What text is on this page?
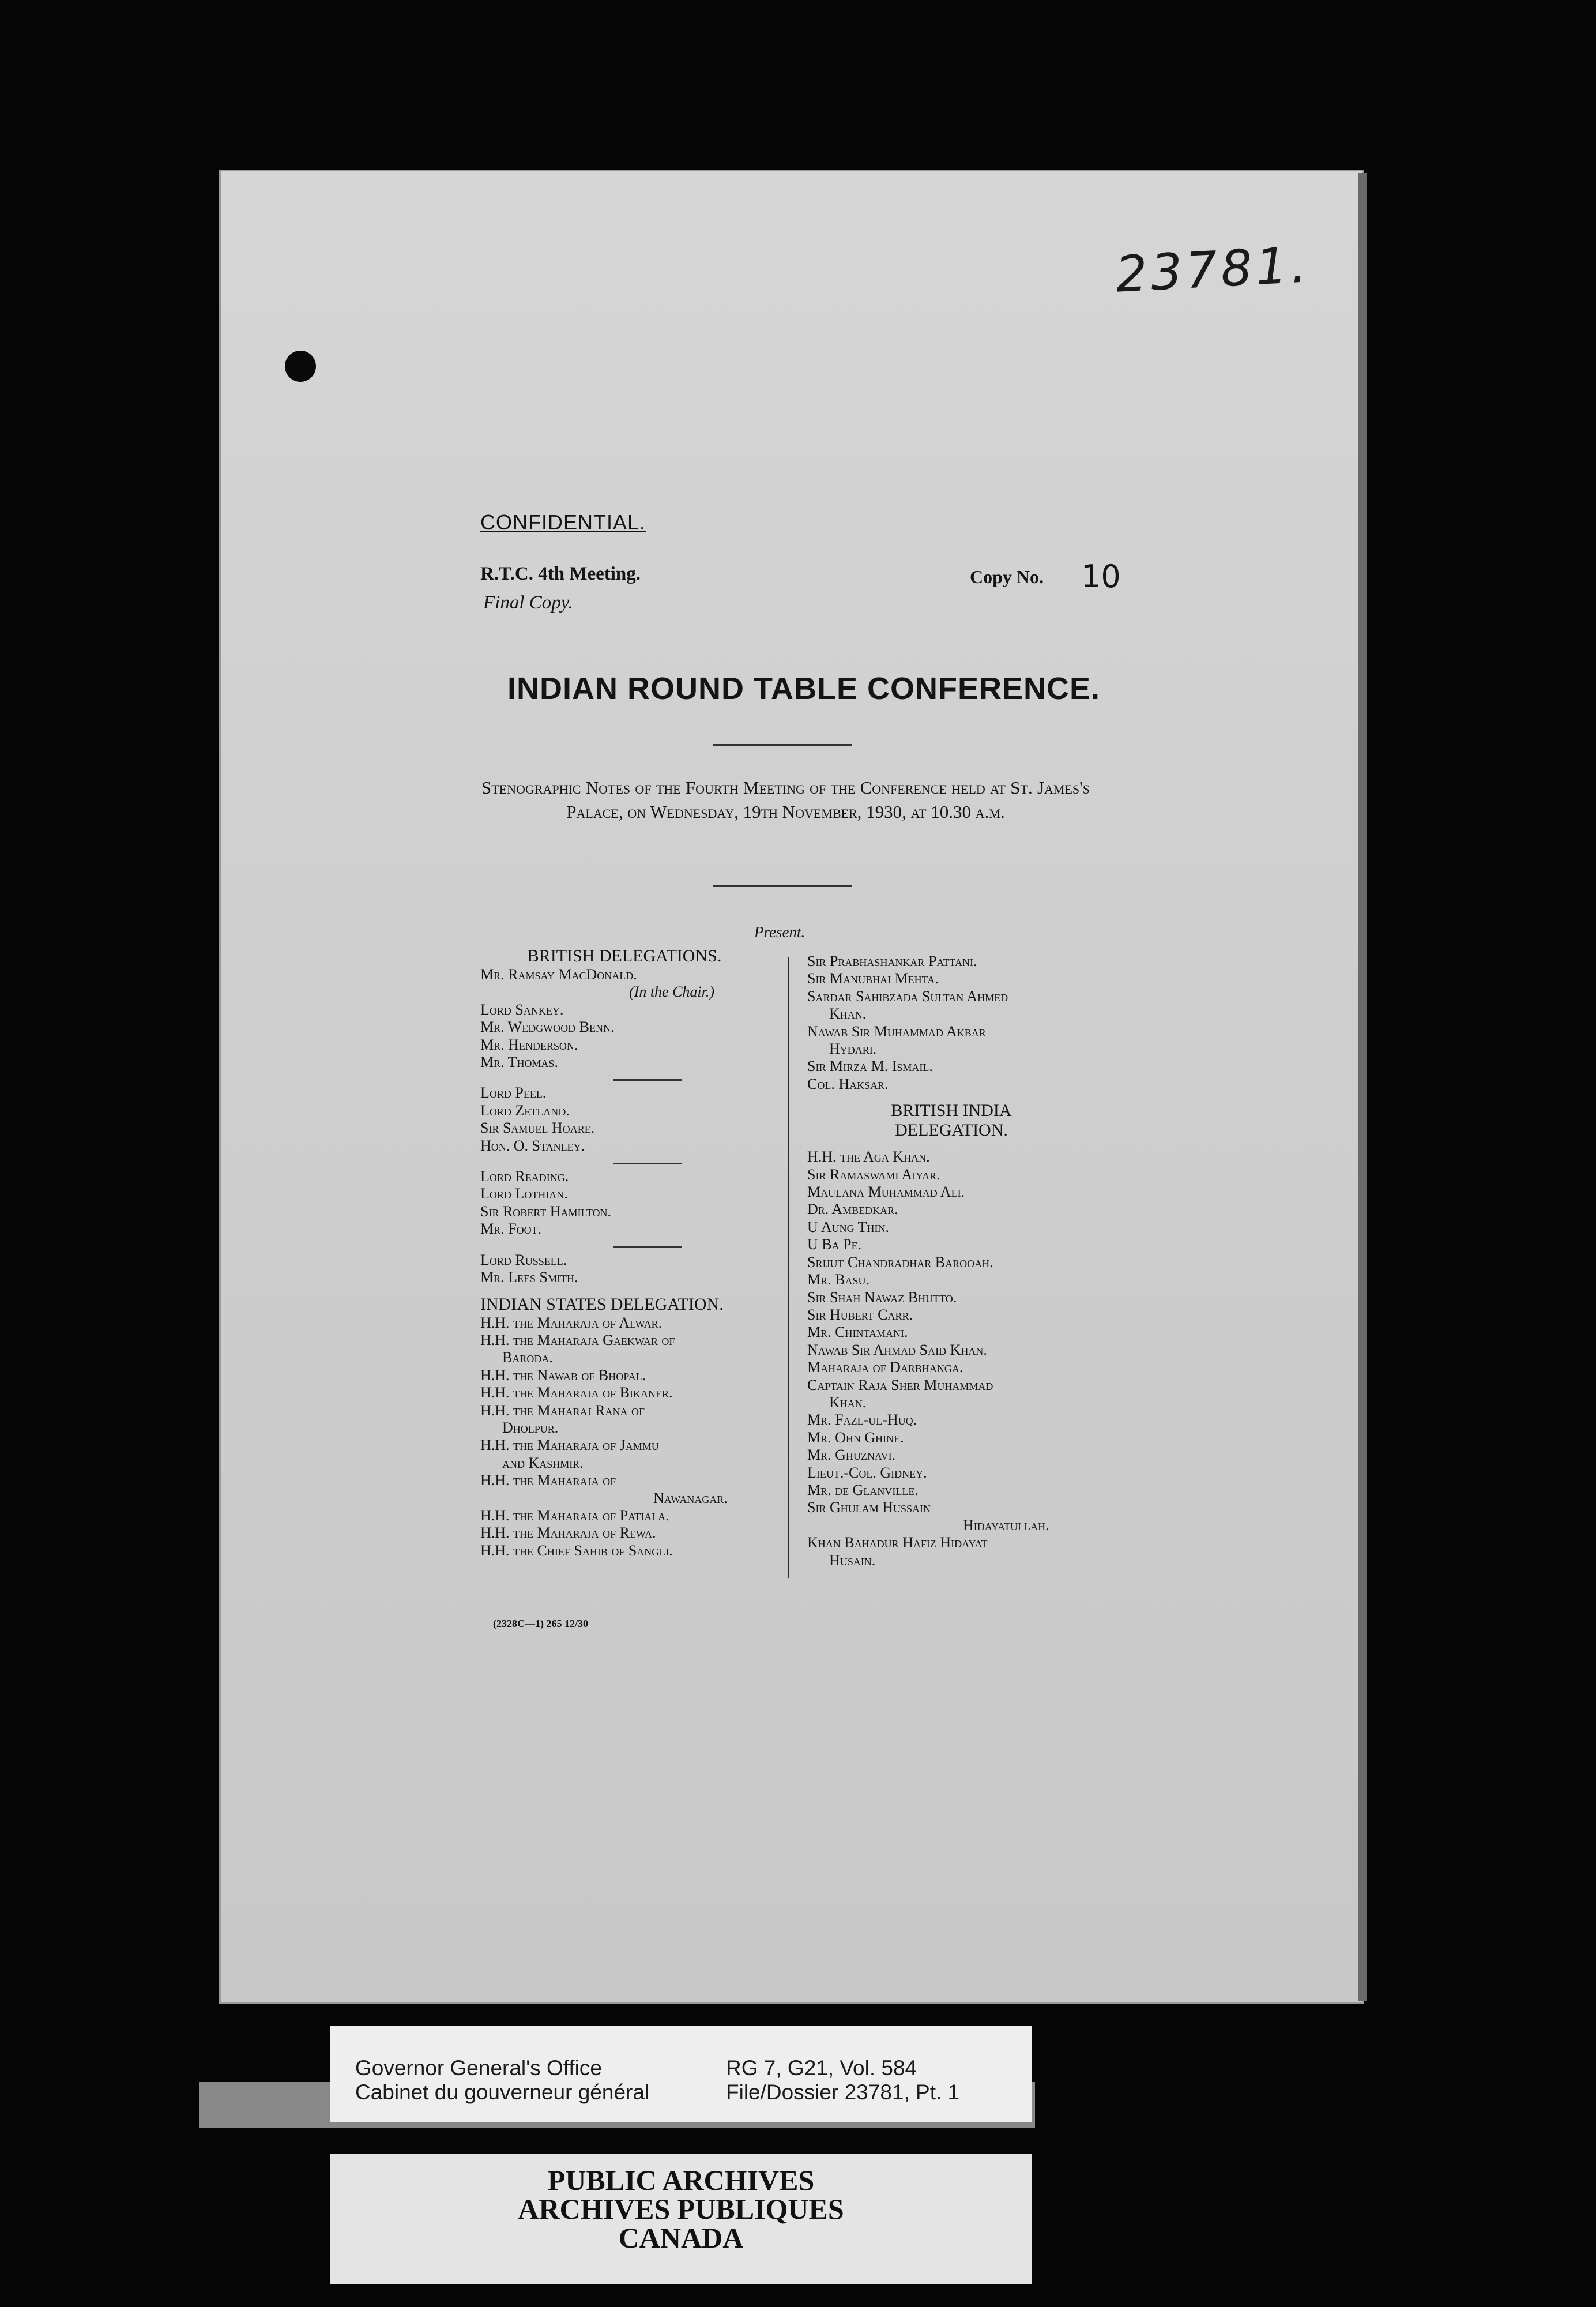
23781.
CONFIDENTIAL.
R.T.C. 4th Meeting.
Final Copy.
Copy No. 10
INDIAN ROUND TABLE CONFERENCE.
Stenographic Notes of the Fourth Meeting of the Conference held at St. James's Palace, on Wednesday, 19th November, 1930, at 10.30 a.m.
Present.
BRITISH DELEGATIONS.
Mr. Ramsay MacDonald.
(In the Chair.)
Lord Sankey.
Mr. Wedgwood Benn.
Mr. Henderson.
Mr. Thomas.
Lord Peel.
Lord Zetland.
Sir Samuel Hoare.
Hon. O. Stanley.
Lord Reading.
Lord Lothian.
Sir Robert Hamilton.
Mr. Foot.
Lord Russell.
Mr. Lees Smith.
INDIAN STATES DELEGATION.
H.H. the Maharaja of Alwar.
H.H. the Maharaja Gaekwar of
Baroda.
H.H. the Nawab of Bhopal.
H.H. the Maharaja of Bikaner.
H.H. the Maharaj Rana of
Dholpur.
H.H. the Maharaja of Jammu
and Kashmir.
H.H. the Maharaja of
Nawanagar.
H.H. the Maharaja of Patiala.
H.H. the Maharaja of Rewa.
H.H. the Chief Sahib of Sangli.
Sir Prabhashankar Pattani.
Sir Manubhai Mehta.
Sardar Sahibzada Sultan Ahmed
Khan.
Nawab Sir Muhammad Akbar
Hydari.
Sir Mirza M. Ismail.
Col. Haksar.
BRITISH INDIA
DELEGATION.
H.H. the Aga Khan.
Sir Ramaswami Aiyar.
Maulana Muhammad Ali.
Dr. Ambedkar.
U Aung Thin.
U Ba Pe.
Srijut Chandradhar Barooah.
Mr. Basu.
Sir Shah Nawaz Bhutto.
Sir Hubert Carr.
Mr. Chintamani.
Nawab Sir Ahmad Said Khan.
Maharaja of Darbhanga.
Captain Raja Sher Muhammad
Khan.
Mr. Fazl-ul-Huq.
Mr. Ohn Ghine.
Mr. Ghuznavi.
Lieut.-Col. Gidney.
Mr. de Glanville.
Sir Ghulam Hussain
Hidayatullah.
Khan Bahadur Hafiz Hidayat
Husain.
(2328C—1) 265 12/30
Governor General's Office
Cabinet du gouverneur général
RG 7, G21, Vol. 584
File/Dossier 23781, Pt. 1
PUBLIC ARCHIVES
ARCHIVES PUBLIQUES
CANADA
